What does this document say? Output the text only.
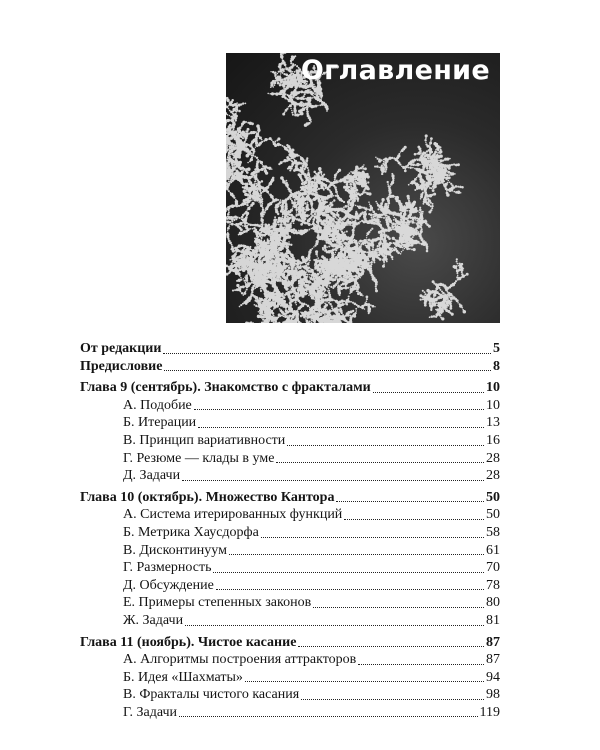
Оглавление
От редакции	5
Предисловие	8
Глава 9 (сентябрь). Знакомство с фракталами	10
А. Подобие	10
Б. Итерации	13
В. Принцип вариативности	16
Г. Резюме — клады в уме	28
Д. Задачи	28
Глава 10 (октябрь). Множество Кантора	50
А. Система итерированных функций	50
Б. Метрика Хаусдорфа	58
В. Дисконтинуум	61
Г. Размерность	70
Д. Обсуждение	78
Е. Примеры степенных законов	80
Ж. Задачи	81
Глава 11 (ноябрь). Чистое касание	87
А. Алгоритмы построения аттракторов	87
Б. Идея «Шахматы»	94
В. Фракталы чистого касания	98
Г. Задачи	119
